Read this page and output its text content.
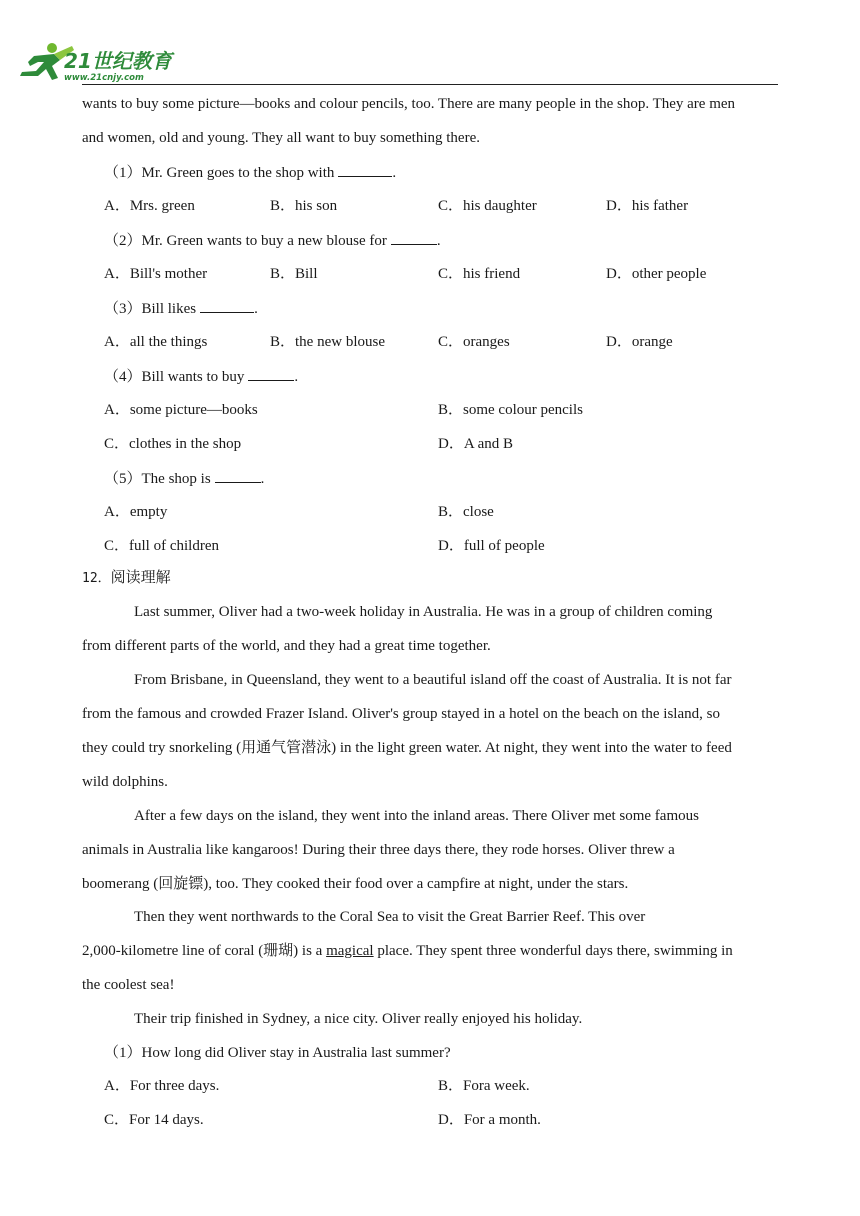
21世纪教育
www.21cnjy.com
wants to buy some picture—books and colour pencils, too. There are many people in the shop. They are men
and women, old and young. They all want to buy something there.
（1）Mr. Green goes to the shop with	.
A．Mrs. green	B．his son	C．his daughter	D．his father
（2）Mr. Green wants to buy a new blouse for	.
A．Bill's mother	B．Bill	C．his friend	D．other people
（3）Bill likes	.
A．all the things	B．the new blouse	C．oranges	D．orange
（4）Bill wants to buy	.
A．some picture—books	B．some colour pencils
C．clothes in the shop	D．A and B
（5）The shop is	.
A．empty	B．close
C．full of children	D．full of people
12．阅读理解
Last summer, Oliver had a two-week holiday in Australia. He was in a group of children coming
from different parts of the world, and they had a great time together.
From Brisbane, in Queensland, they went to a beautiful island off the coast of Australia. It is not far
from the famous and crowded Frazer Island. Oliver's group stayed in a hotel on the beach on the island, so
they could try snorkeling (用通气管潜泳) in the light green water. At night, they went into the water to feed
wild dolphins.
After a few days on the island, they went into the inland areas. There Oliver met some famous
animals in Australia like kangaroos! During their three days there, they rode horses. Oliver threw a
boomerang (回旋镖), too. They cooked their food over a campfire at night, under the stars.
Then they went northwards to the Coral Sea to visit the Great Barrier Reef. This over
2,000-kilometre line of coral (珊瑚) is a magical place. They spent three wonderful days there, swimming in
the coolest sea!
Their trip finished in Sydney, a nice city. Oliver really enjoyed his holiday.
（1）How long did Oliver stay in Australia last summer?
A．For three days.	B．Fora week.
C．For 14 days.	D．For a month.
